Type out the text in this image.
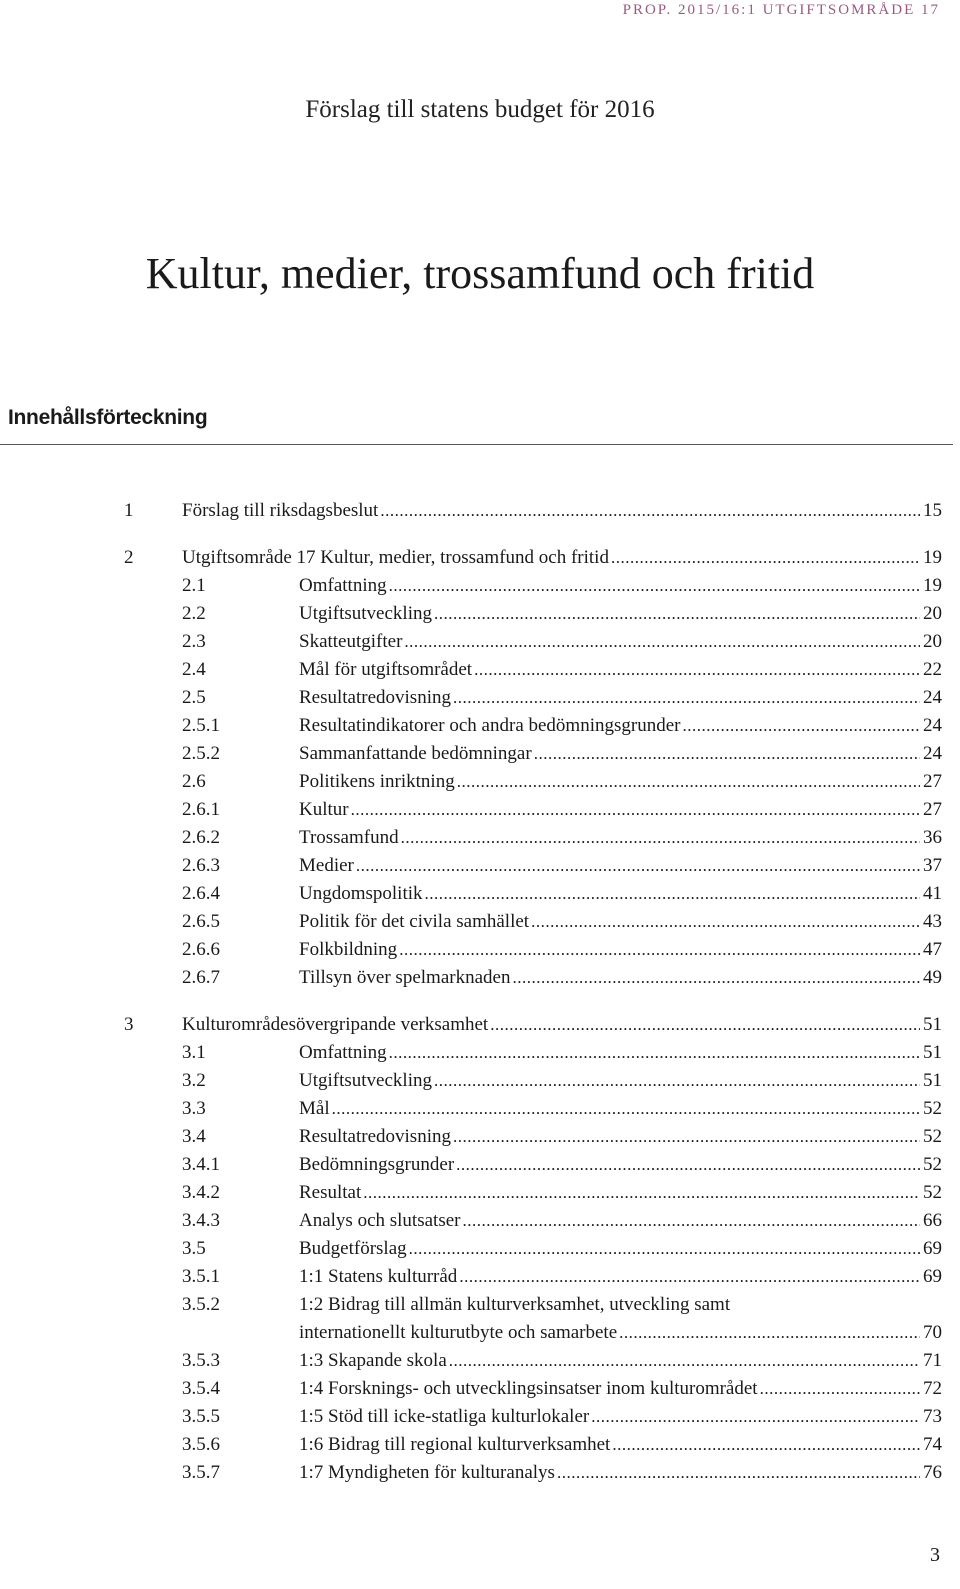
PROP. 2015/16:1 UTGIFTSOMRÅDE 17
Förslag till statens budget för 2016
Kultur, medier, trossamfund och fritid
Innehållsförteckning
1	Förslag till riksdagsbeslut .....	15
2	Utgiftsområde 17 Kultur, medier, trossamfund och fritid .....	19
2.1	Omfattning .....	19
2.2	Utgiftsutveckling .....	20
2.3	Skatteutgifter .....	20
2.4	Mål för utgiftsområdet .....	22
2.5	Resultatredovisning .....	24
2.5.1	Resultatindikatorer och andra bedömningsgrunder .....	24
2.5.2	Sammanfattande bedömningar .....	24
2.6	Politikens inriktning .....	27
2.6.1	Kultur .....	27
2.6.2	Trossamfund .....	36
2.6.3	Medier .....	37
2.6.4	Ungdomspolitik .....	41
2.6.5	Politik för det civila samhället .....	43
2.6.6	Folkbildning .....	47
2.6.7	Tillsyn över spelmarknaden .....	49
3	Kulturområdesövergripande verksamhet .....	51
3.1	Omfattning .....	51
3.2	Utgiftsutveckling .....	51
3.3	Mål .....	52
3.4	Resultatredovisning .....	52
3.4.1	Bedömningsgrunder .....	52
3.4.2	Resultat .....	52
3.4.3	Analys och slutsatser .....	66
3.5	Budgetförslag .....	69
3.5.1	1:1 Statens kulturråd .....	69
3.5.2	1:2 Bidrag till allmän kulturverksamhet, utveckling samt
internationellt kulturutbyte och samarbete .....	70
3.5.3	1:3 Skapande skola .....	71
3.5.4	1:4 Forsknings- och utvecklingsinsatser inom kulturområdet .....	72
3.5.5	1:5 Stöd till icke-statliga kulturlokaler .....	73
3.5.6	1:6 Bidrag till regional kulturverksamhet .....	74
3.5.7	1:7 Myndigheten för kulturanalys .....	76
3
